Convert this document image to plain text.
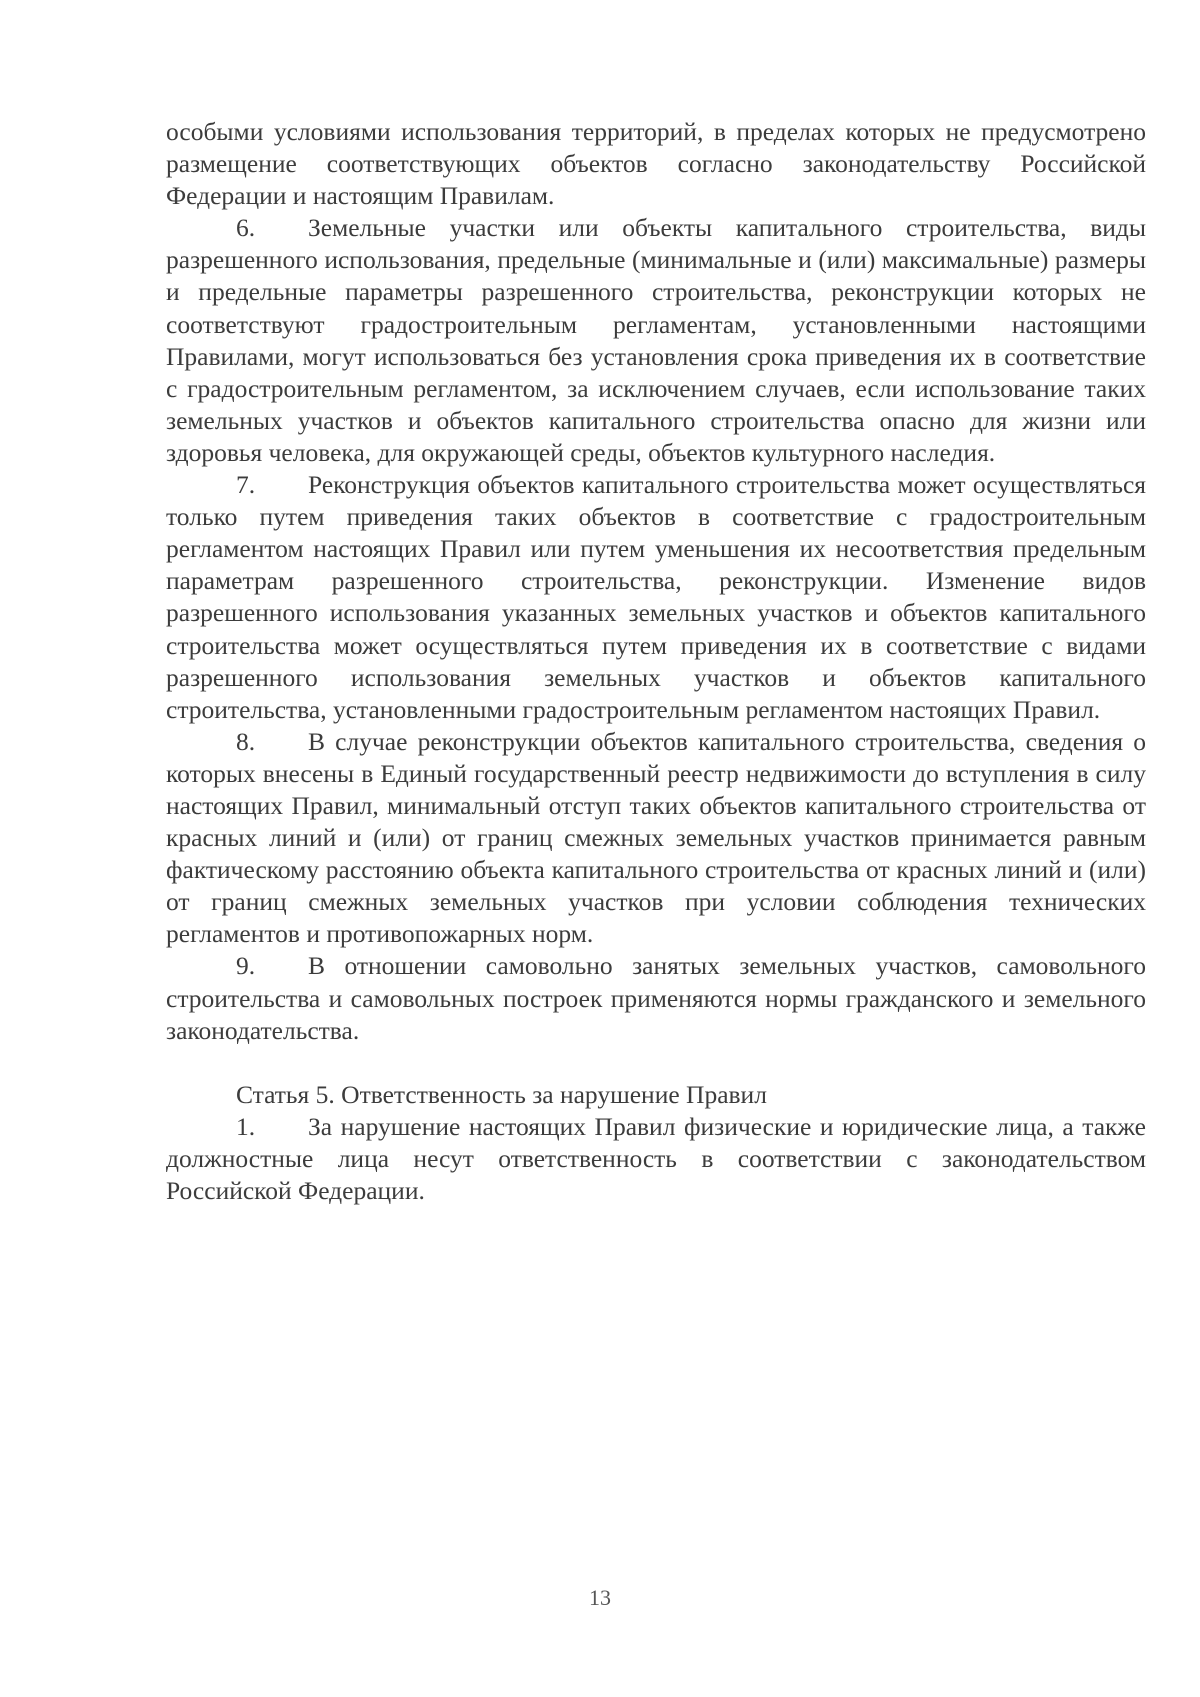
особыми условиями использования территорий, в пределах которых не предусмотрено размещение соответствующих объектов согласно законодательству Российской Федерации и настоящим Правилам.

6. Земельные участки или объекты капитального строительства, виды разрешенного использования, предельные (минимальные и (или) максимальные) размеры и предельные параметры разрешенного строительства, реконструкции которых не соответствуют градостроительным регламентам, установленными настоящими Правилами, могут использоваться без установления срока приведения их в соответствие с градостроительным регламентом, за исключением случаев, если использование таких земельных участков и объектов капитального строительства опасно для жизни или здоровья человека, для окружающей среды, объектов культурного наследия.

7. Реконструкция объектов капитального строительства может осуществляться только путем приведения таких объектов в соответствие с градостроительным регламентом настоящих Правил или путем уменьшения их несоответствия предельным параметрам разрешенного строительства, реконструкции. Изменение видов разрешенного использования указанных земельных участков и объектов капитального строительства может осуществляться путем приведения их в соответствие с видами разрешенного использования земельных участков и объектов капитального строительства, установленными градостроительным регламентом настоящих Правил.

8. В случае реконструкции объектов капитального строительства, сведения о которых внесены в Единый государственный реестр недвижимости до вступления в силу настоящих Правил, минимальный отступ таких объектов капитального строительства от красных линий и (или) от границ смежных земельных участков принимается равным фактическому расстоянию объекта капитального строительства от красных линий и (или) от границ смежных земельных участков при условии соблюдения технических регламентов и противопожарных норм.

9. В отношении самовольно занятых земельных участков, самовольного строительства и самовольных построек применяются нормы гражданского и земельного законодательства.

Статья 5. Ответственность за нарушение Правил

1. За нарушение настоящих Правил физические и юридические лица, а также должностные лица несут ответственность в соответствии с законодательством Российской Федерации.

13
